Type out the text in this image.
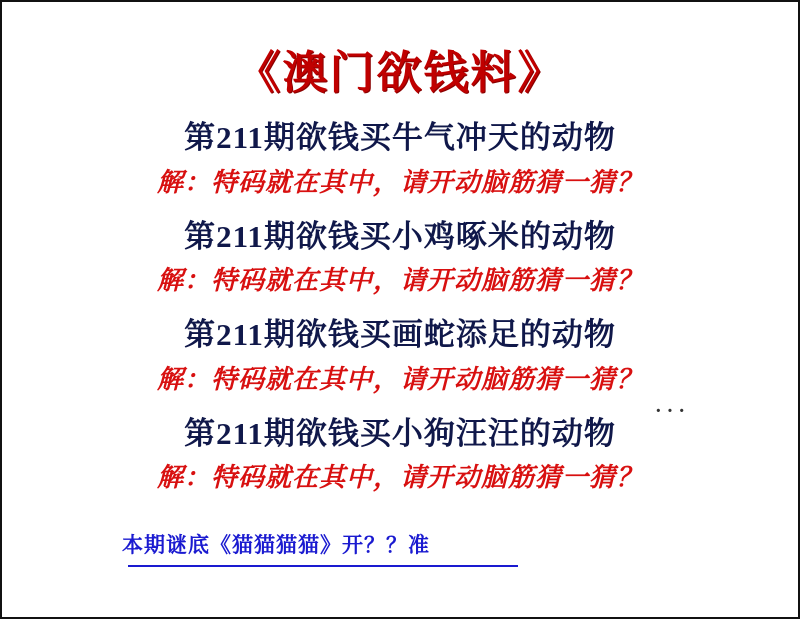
《澳门欲钱料》
第211期欲钱买牛气冲天的动物
解：特码就在其中，请开动脑筋猜一猜？
第211期欲钱买小鸡啄米的动物
解：特码就在其中，请开动脑筋猜一猜？
第211期欲钱买画蛇添足的动物
解：特码就在其中，请开动脑筋猜一猜？
···
第211期欲钱买小狗汪汪的动物
解：特码就在其中，请开动脑筋猜一猜？
本期谜底《猫猫猫猫》开？？准
